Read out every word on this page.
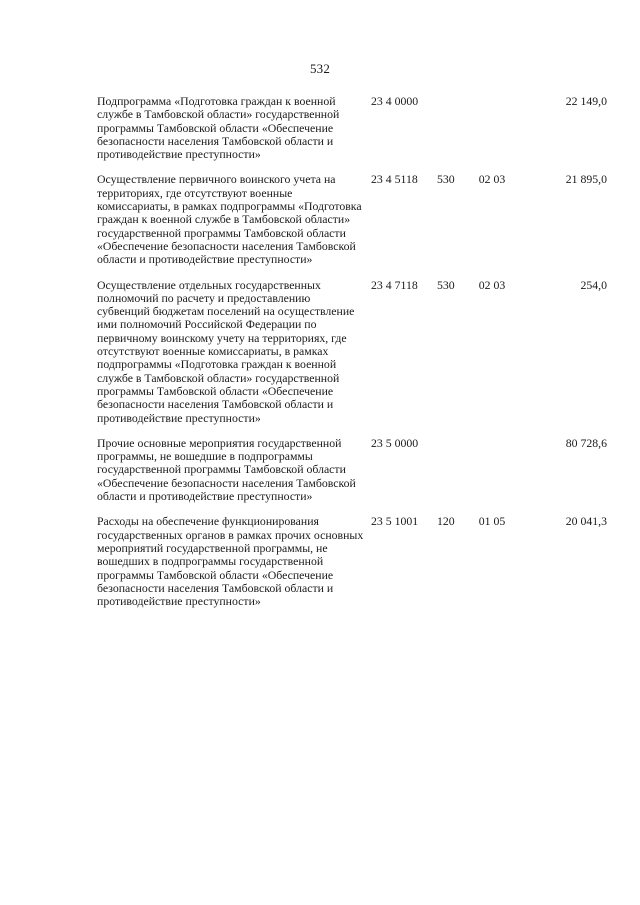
532
Подпрограмма «Подготовка граждан к военной службе в Тамбовской области» государственной программы Тамбовской области «Обеспечение безопасности населения Тамбовской области и противодействие преступности»	23 4 0000			22 149,0

Осуществление первичного воинского учета на территориях, где отсутствуют военные комиссариаты, в рамках подпрограммы «Подготовка граждан к военной службе в Тамбовской области» государственной программы Тамбовской области «Обеспечение безопасности населения Тамбовской области и противодействие преступности»	23 4 5118	530	02 03	21 895,0

Осуществление отдельных государственных полномочий по расчету и предоставлению субвенций бюджетам поселений на осуществление ими полномочий Российской Федерации по первичному воинскому учету на территориях, где отсутствуют военные комиссариаты, в рамках подпрограммы «Подготовка граждан к военной службе в Тамбовской области» государственной программы Тамбовской области «Обеспечение безопасности населения Тамбовской области и противодействие преступности»	23 4 7118	530	02 03	254,0

Прочие основные мероприятия государственной программы, не вошедшие в подпрограммы государственной программы Тамбовской области «Обеспечение безопасности населения Тамбовской области и противодействие преступности»	23 5 0000			80 728,6

Расходы на обеспечение функционирования государственных органов в рамках прочих основных мероприятий государственной программы, не вошедших в подпрограммы государственной программы Тамбовской области «Обеспечение безопасности населения Тамбовской области и противодействие преступности»	23 5 1001	120	01 05	20 041,3
